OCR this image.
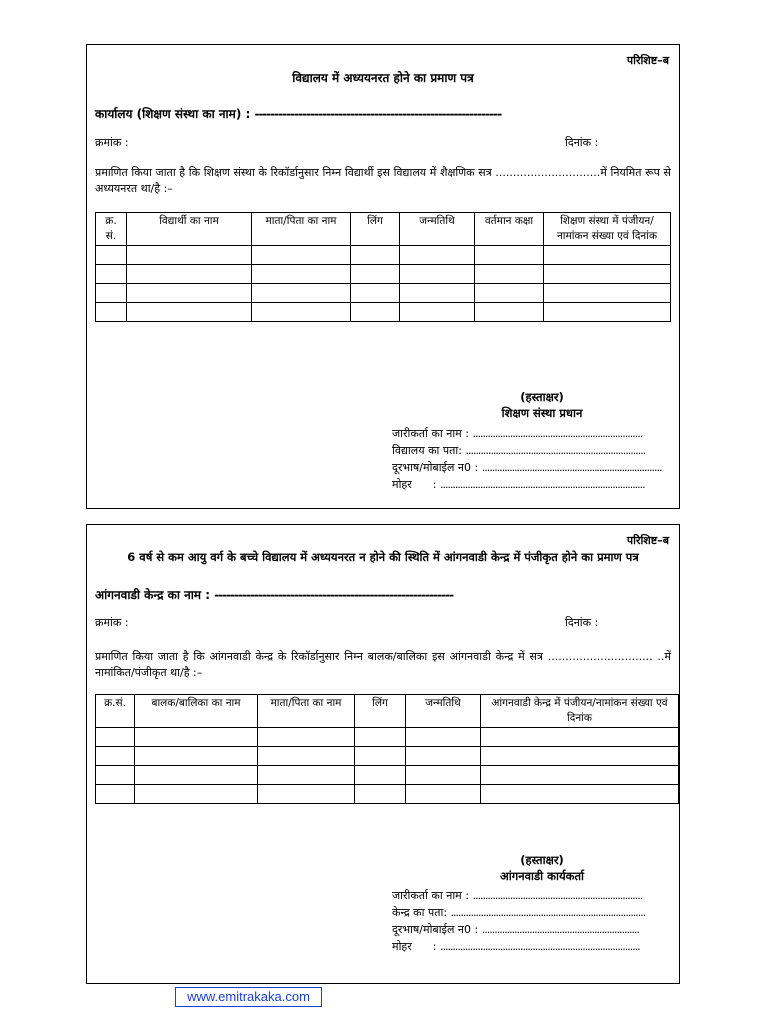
परिशिष्ट–ब
विद्यालय में अध्ययनरत होने का प्रमाण पत्र
कार्यालय (शिक्षण संस्था का नाम) : --------------------------------------------------------------
क्रमांक :	दिनांक :
प्रमाणित किया जाता है कि शिक्षण संस्था के रिकॉर्डानुसार निम्न विद्यार्थी इस विद्यालय में शैक्षणिक सत्र ..............................में नियमित रूप से अध्ययनरत था/है :–
क्र. सं.	विद्यार्थी का नाम	माता/पिता का नाम	लिंग	जन्मतिथि	वर्तमान कक्षा	शिक्षण संस्था में पंजीयन/नामांकन संख्या एवं दिनांक

(हस्ताक्षर)
शिक्षण संस्था प्रधान
जारीकर्ता का नाम : ....................................................................
विद्यालय का पता: ........................................................................
दूरभाष/मोबाईल न0 : ........................................................................
मोहर      : ..................................................................................
परिशिष्ट–ब
6 वर्ष से कम आयु वर्ग के बच्चे विद्यालय में अध्ययनरत न होने की स्थिति में आंगनवाडी केन्द्र में पंजीकृत होने का प्रमाण पत्र
आंगनवाडी केन्द्र का नाम : ------------------------------------------------------------
क्रमांक :	दिनांक :
प्रमाणित किया जाता है कि आंगनवाडी केन्द्र के रिकॉर्डानुसार निम्न बालक/बालिका इस आंगनवाडी केन्द्र में सत्र .............................. ..में नामांकित/पंजीकृत था/है :–
क्र.सं.	बालक/बालिका का नाम	माता/पिता का नाम	लिंग	जन्मतिथि	आंगनवाडी केन्द्र में पंजीयन/नामांकन संख्या एवं दिनांक

(हस्ताक्षर)
आंगनवाडी कार्यकर्ता
जारीकर्ता का नाम : ....................................................................
केन्द्र का पता: ..............................................................................
दूरभाष/मोबाईल न0 : ...............................................................
मोहर      : ................................................................................
www.emitrakaka.com
